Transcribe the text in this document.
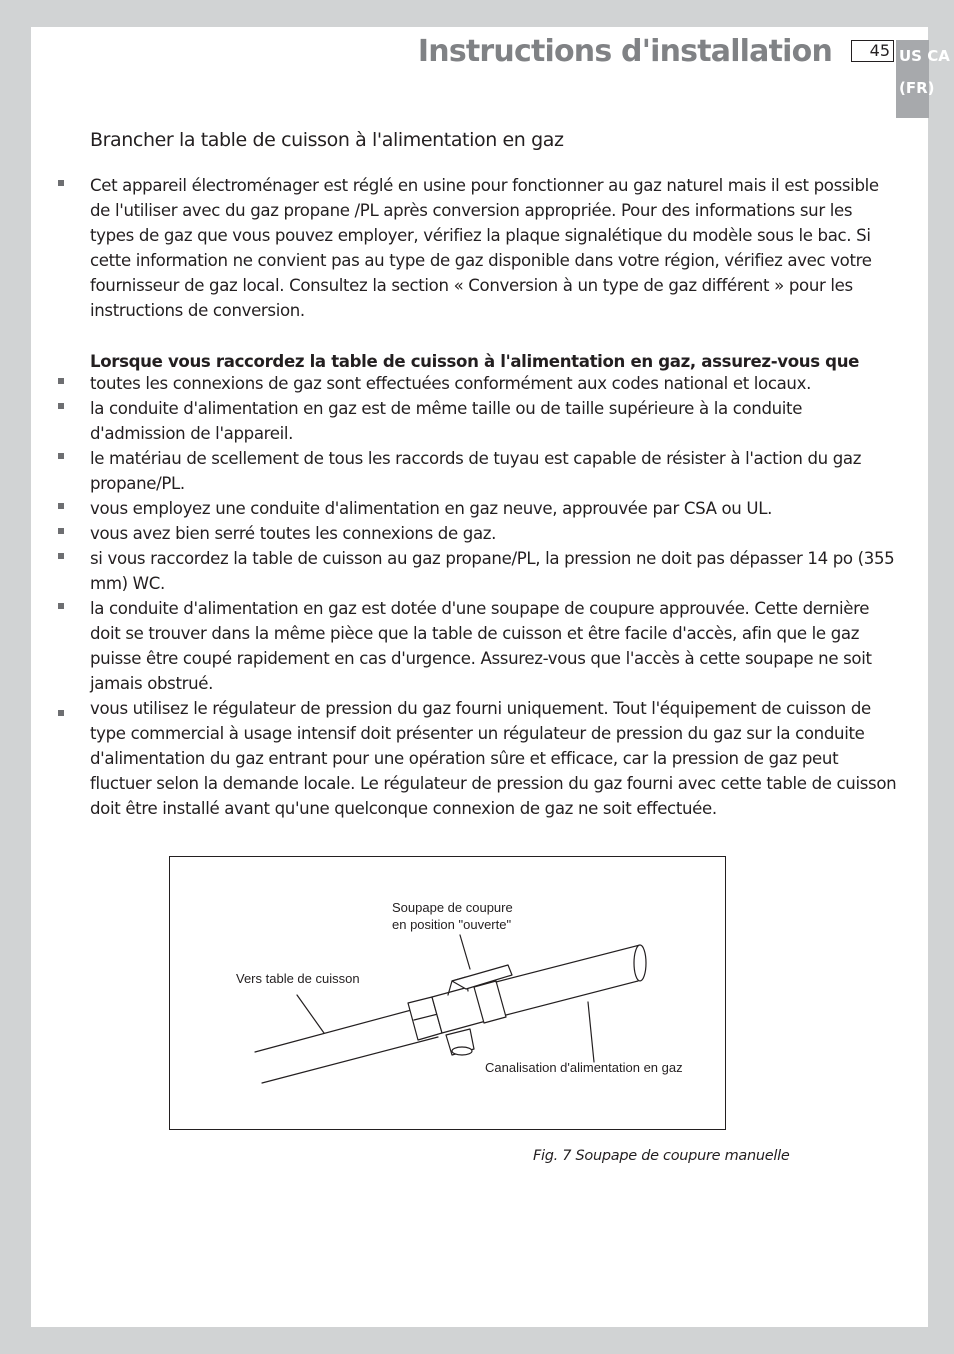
Instructions d'installation	45 US CA
(FR)
Brancher la table de cuisson à l'alimentation en gaz

Cet appareil électroménager est réglé en usine pour fonctionner au gaz naturel mais il est possible de l'utiliser avec du gaz propane /PL après conversion appropriée. Pour des informations sur les types de gaz que vous pouvez employer, vérifiez la plaque signalétique du modèle sous le bac. Si cette information ne convient pas au type de gaz disponible dans votre région, vérifiez avec votre fournisseur de gaz local. Consultez la section « Conversion à un type de gaz différent » pour les instructions de conversion.

Lorsque vous raccordez la table de cuisson à l'alimentation en gaz, assurez-vous que

toutes les connexions de gaz sont effectuées conformément aux codes national et locaux.

la conduite d'alimentation en gaz est de même taille ou de taille supérieure à la conduite d'admission de l'appareil.

le matériau de scellement de tous les raccords de tuyau est capable de résister à l'action du gaz propane/PL.

vous employez une conduite d'alimentation en gaz neuve, approuvée par CSA ou UL.

vous avez bien serré toutes les connexions de gaz.

si vous raccordez la table de cuisson au gaz propane/PL, la pression ne doit pas dépasser 14 po (355 mm) WC.

la conduite d'alimentation en gaz est dotée d'une soupape de coupure approuvée. Cette dernière doit se trouver dans la même pièce que la table de cuisson et être facile d'accès, afin que le gaz puisse être coupé rapidement en cas d'urgence. Assurez-vous que l'accès à cette soupape ne soit jamais obstrué.

vous utilisez le régulateur de pression du gaz fourni uniquement. Tout l'équipement de cuisson de type commercial à usage intensif doit présenter un régulateur de pression du gaz sur la conduite d'alimentation du gaz entrant pour une opération sûre et efficace, car la pression de gaz peut fluctuer selon la demande locale. Le régulateur de pression du gaz fourni avec cette table de cuisson doit être installé avant qu'une quelconque connexion de gaz ne soit effectuée.

Soupape de coupure
en position "ouverte"
Vers table de cuisson
Canalisation d'alimentation en gaz
Fig. 7 Soupape de coupure manuelle
